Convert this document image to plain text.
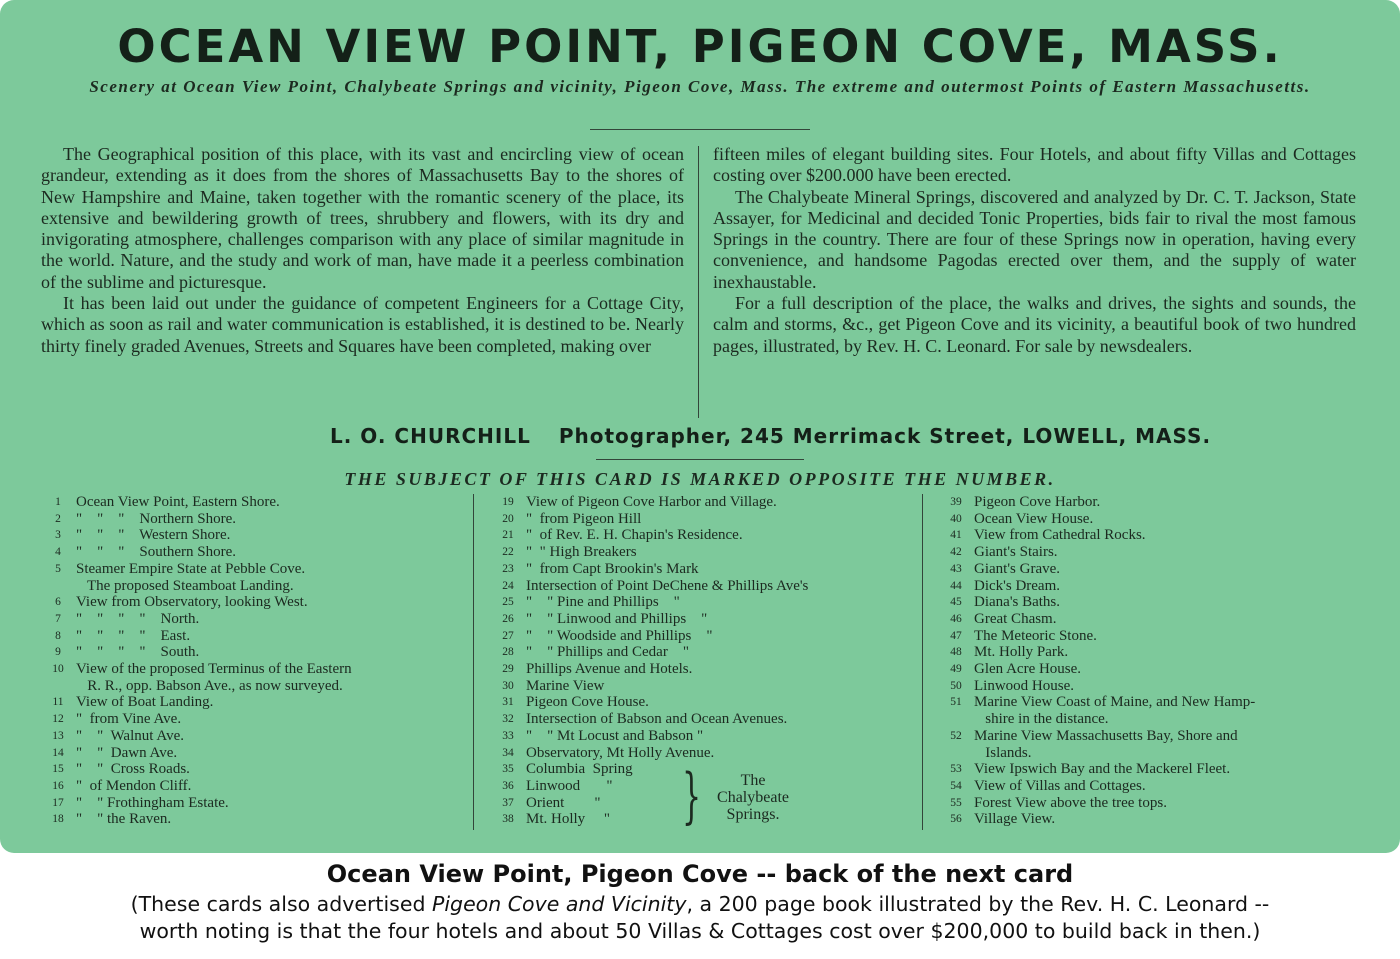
OCEAN VIEW POINT, PIGEON COVE, MASS.
Scenery at Ocean View Point, Chalybeate Springs and vicinity, Pigeon Cove, Mass. The extreme and outermost Points of Eastern Massachusetts.

The Geographical position of this place, with its vast and encircling view of ocean grandeur, extending as it does from the shores of Massachusetts Bay to the shores of New Hampshire and Maine, taken together with the romantic scenery of the place, its extensive and bewildering growth of trees, shrubbery and flowers, with its dry and invigorating atmosphere, challenges comparison with any place of similar magnitude in the world. Nature, and the study and work of man, have made it a peerless combination of the sublime and picturesque.

It has been laid out under the guidance of competent Engineers for a Cottage City, which as soon as rail and water communication is established, it is destined to be. Nearly thirty finely graded Avenues, Streets and Squares have been completed, making over

fifteen miles of elegant building sites. Four Hotels, and about fifty Villas and Cottages costing over $200.000 have been erected.

The Chalybeate Mineral Springs, discovered and analyzed by Dr. C. T. Jackson, State Assayer, for Medicinal and decided Tonic Properties, bids fair to rival the most famous Springs in the country. There are four of these Springs now in operation, having every convenience, and handsome Pagodas erected over them, and the supply of water inexhaustable.

For a full description of the place, the walks and drives, the sights and sounds, the calm and storms, &c., get Pigeon Cove and its vicinity, a beautiful book of two hundred pages, illustrated, by Rev. H. C. Leonard. For sale by newsdealers.

L. O. CHURCHILL Photographer, 245 Merrimack Street, LOWELL, MASS.
THE SUBJECT OF THIS CARD IS MARKED OPPOSITE THE NUMBER.
1	Ocean View Point, Eastern Shore.
2	"    "    "    Northern Shore.
3	"    "    "    Western Shore.
4	"    "    "    Southern Shore.
5	Steamer Empire State at Pebble Cove.
The proposed Steamboat Landing.
6	View from Observatory, looking West.
7	"    "    "    "    North.
8	"    "    "    "    East.
9	"    "    "    "    South.
10 View of the proposed Terminus of the Eastern
R. R., opp. Babson Ave., as now surveyed.
11 View of Boat Landing.
12 "  from Vine Ave.
13 "    "  Walnut Ave.
14 "    "  Dawn Ave.
15 "    "  Cross Roads.
16 "  of Mendon Cliff.
17 "    " Frothingham Estate.
18 "    " the Raven.
19 View of Pigeon Cove Harbor and Village.
20 "  from Pigeon Hill
21 "  of Rev. E. H. Chapin's Residence.
22 "  " High Breakers
23 "  from Capt Brookin's Mark
24 Intersection of Point DeChene & Phillips Ave's
25 "    " Pine and Phillips    "
26 "    " Linwood and Phillips    "
27 "    " Woodside and Phillips    "
28 "    " Phillips and Cedar    "
29 Phillips Avenue and Hotels.
30 Marine View
31 Pigeon Cove House.
32 Intersection of Babson and Ocean Avenues.
33 "    " Mt Locust and Babson "
34 Observatory, Mt Holly Avenue.
35 Columbia  Spring
36 Linwood       "
37 Orient        "
38 Mt. Holly     "
39 Pigeon Cove Harbor.
40 Ocean View House.
41 View from Cathedral Rocks.
42 Giant's Stairs.
43 Giant's Grave.
44 Dick's Dream.
45 Diana's Baths.
46 Great Chasm.
47 The Meteoric Stone.
48 Mt. Holly Park.
49 Glen Acre House.
50 Linwood House.
51 Marine View Coast of Maine, and New Hamp-
shire in the distance.
52 Marine View Massachusetts Bay, Shore and
Islands.
53 View Ipswich Bay and the Mackerel Fleet.
54 View of Villas and Cottages.
55 Forest View above the tree tops.
56 Village View.
}	The
Chalybeate
Springs.
Ocean View Point, Pigeon Cove -- back of the next card
(These cards also advertised Pigeon Cove and Vicinity, a 200 page book illustrated by the Rev. H. C. Leonard --
worth noting is that the four hotels and about 50 Villas & Cottages cost over $200,000 to build back in then.)
